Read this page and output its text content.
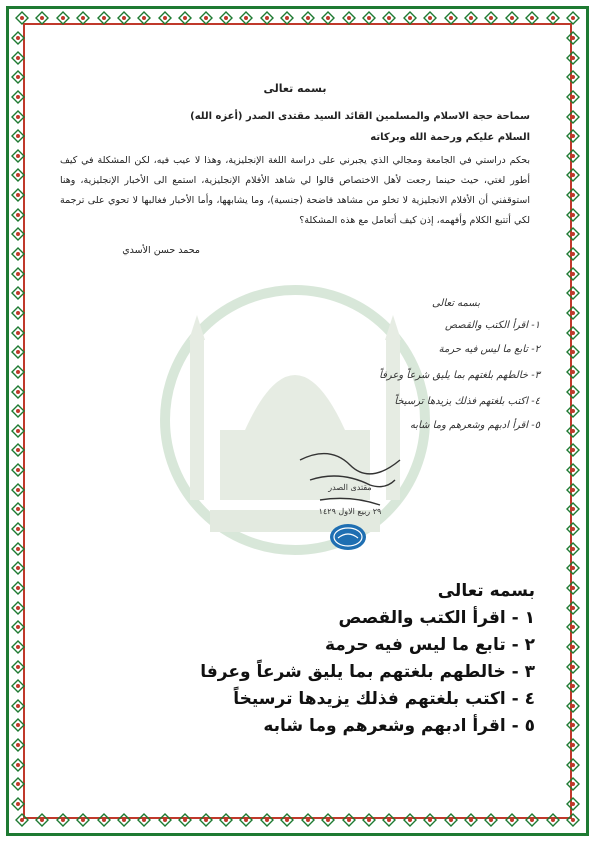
بسمه تعالى
سماحة حجة الاسلام والمسلمين القائد السيد مقتدى الصدر (أعزه الله)
السلام عليكم ورحمة الله وبركاته
بحكم دراستي في الجامعة ومجالي الذي يجبرني على دراسة اللغة الإنجليزية، وهذا لا عيب فيه، لكن المشكلة في كيف أطور لغتي، حيث حينما رجعت لأهل الاختصاص قالوا لي شاهد الأفلام الإنجليزية، استمع الى الأخبار الإنجليزية، وهنا استوقفني أن الأفلام الانجليزية لا تخلو من مشاهد فاضحة (جنسية)، وما يشابهها، وأما الأخبار فغالبها لا تحوي على ترجمة لكي أتتبع الكلام وأفهمه، إذن كيف أتعامل مع هذه المشكلة؟
محمد حسن الأسدي
بسمه تعالى
١- اقرأ الكتب والقصص
٢- تابع ما ليس فيه حرمة
٣- خالطهم بلغتهم بما يليق شرعاً وعرفاً
٤- اكتب بلغتهم فذلك يزيدها ترسيخاً
٥- اقرأ ادبهم وشعرهم وما شابه
مقتدى الصدر
٢٩ ربيع الاول ١٤٢٩
بسمه تعالى
١ - اقرأ الكتب والقصص
٢ - تابع ما ليس فيه حرمة
٣ - خالطهم بلغتهم بما يليق شرعاً وعرفا
٤ - اكتب بلغتهم فذلك يزيدها ترسيخاً
٥ - اقرأ ادبهم وشعرهم وما شابه
